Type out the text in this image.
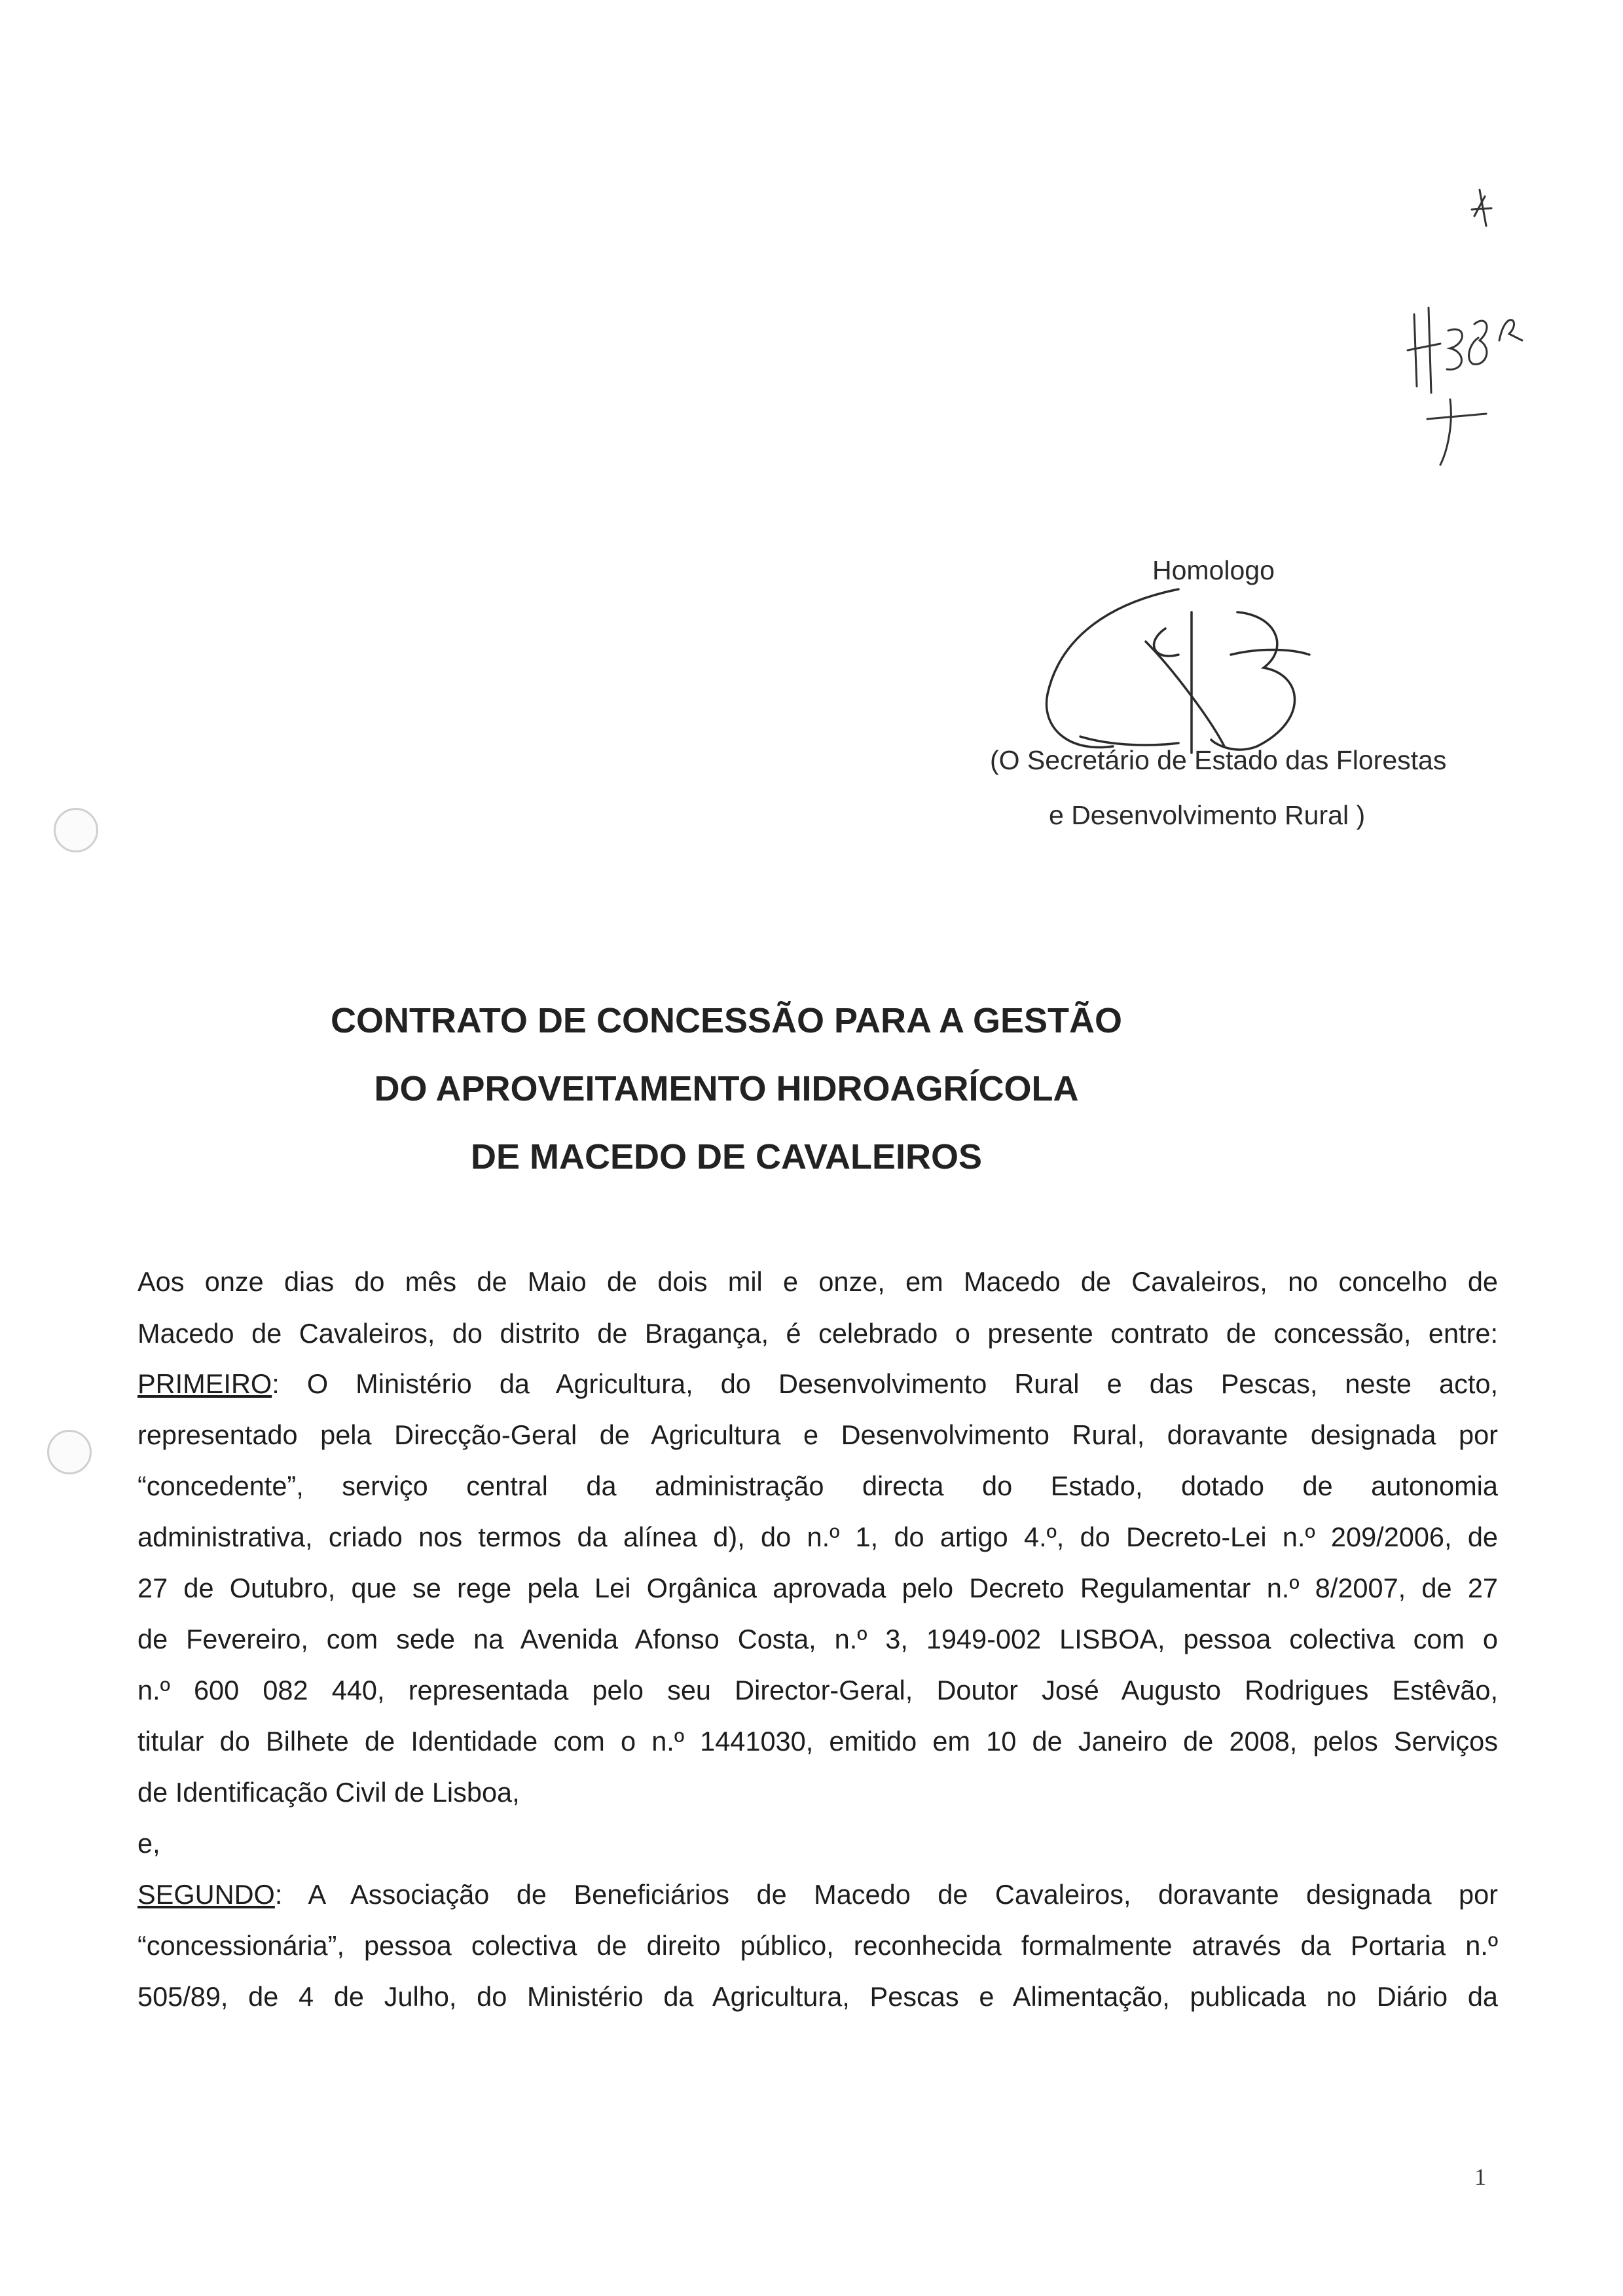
Homologo
(O Secretário de Estado das Florestas
e Desenvolvimento Rural )
CONTRATO DE CONCESSÃO PARA A GESTÃO
DO APROVEITAMENTO HIDROAGRÍCOLA
DE MACEDO DE CAVALEIROS
Aos onze dias do mês de Maio de dois mil e onze, em Macedo de Cavaleiros, no concelho de
Macedo de Cavaleiros, do distrito de Bragança, é celebrado o presente contrato de concessão, entre:
PRIMEIRO: O Ministério da Agricultura, do Desenvolvimento Rural e das Pescas, neste acto,
representado pela Direcção-Geral de Agricultura e Desenvolvimento Rural, doravante designada por
“concedente”, serviço central da administração directa do Estado, dotado de autonomia
administrativa, criado nos termos da alínea d), do n.º 1, do artigo 4.º, do Decreto-Lei n.º 209/2006, de
27 de Outubro, que se rege pela Lei Orgânica aprovada pelo Decreto Regulamentar n.º 8/2007, de 27
de Fevereiro, com sede na Avenida Afonso Costa, n.º 3, 1949-002 LISBOA, pessoa colectiva com o
n.º 600 082 440, representada pelo seu Director-Geral, Doutor José Augusto Rodrigues Estêvão,
titular do Bilhete de Identidade com o n.º 1441030, emitido em 10 de Janeiro de 2008, pelos Serviços
de Identificação Civil de Lisboa,
e,
SEGUNDO: A Associação de Beneficiários de Macedo de Cavaleiros, doravante designada por
“concessionária”, pessoa colectiva de direito público, reconhecida formalmente através da Portaria n.º
505/89, de 4 de Julho, do Ministério da Agricultura, Pescas e Alimentação, publicada no Diário da
1
